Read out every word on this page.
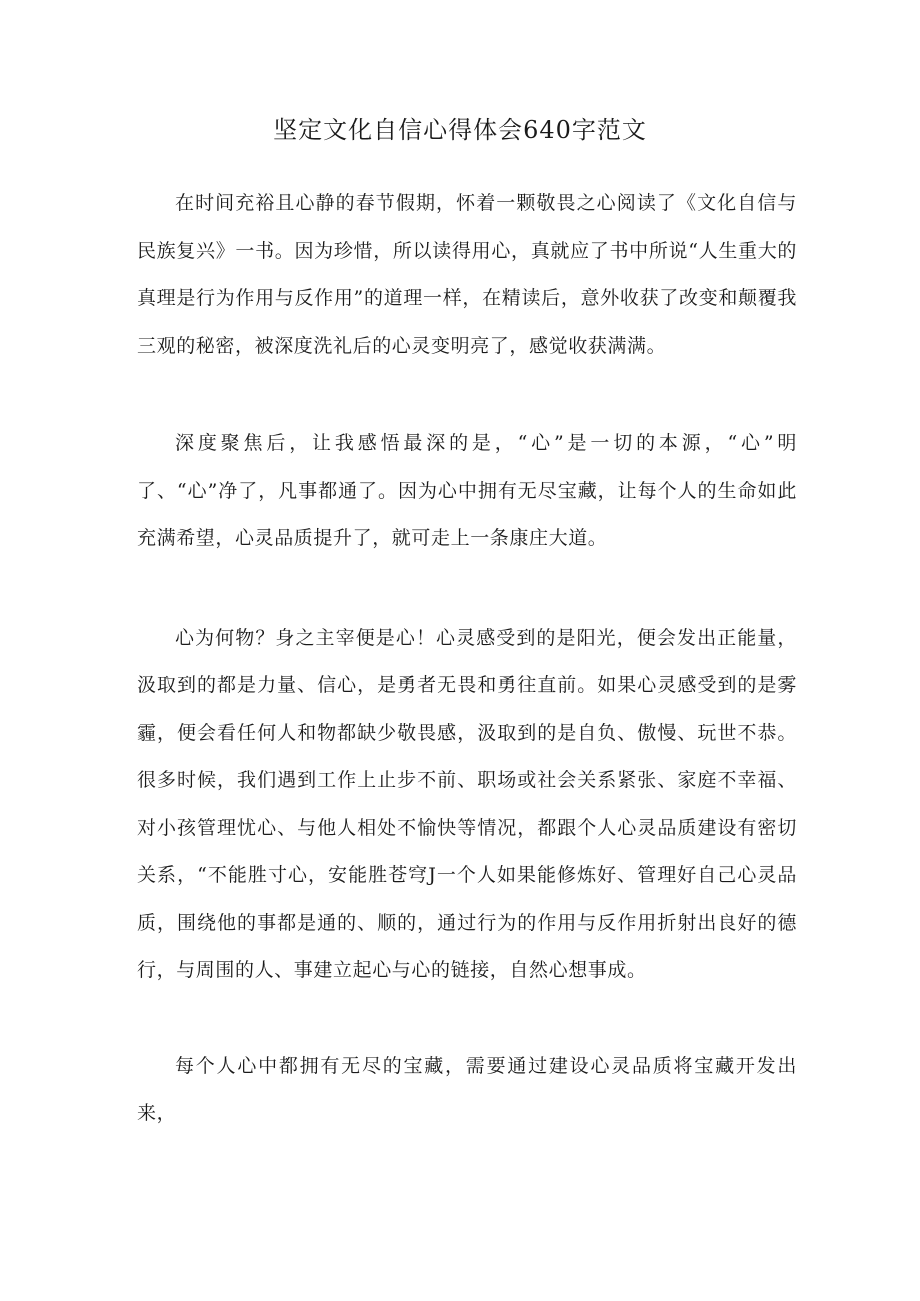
坚定文化自信心得体会640字范文

在时间充裕且心静的春节假期，怀着一颗敬畏之心阅读了《文化自信与民族复兴》一书。因为珍惜，所以读得用心，真就应了书中所说“人生重大的真理是行为作用与反作用”的道理一样，在精读后，意外收获了改变和颠覆我三观的秘密，被深度洗礼后的心灵变明亮了，感觉收获满满。

深度聚焦后，让我感悟最深的是，“心”是一切的本源，“心”明了、“心”净了，凡事都通了。因为心中拥有无尽宝藏，让每个人的生命如此充满希望，心灵品质提升了，就可走上一条康庄大道。

心为何物？身之主宰便是心！心灵感受到的是阳光，便会发出正能量，汲取到的都是力量、信心，是勇者无畏和勇往直前。如果心灵感受到的是雾霾，便会看任何人和物都缺少敬畏感，汲取到的是自负、傲慢、玩世不恭。很多时候，我们遇到工作上止步不前、职场或社会关系紧张、家庭不幸福、对小孩管理忧心、与他人相处不愉快等情况，都跟个人心灵品质建设有密切关系，“不能胜寸心，安能胜苍穹J一个人如果能修炼好、管理好自己心灵品质，围绕他的事都是通的、顺的，通过行为的作用与反作用折射出良好的德行，与周围的人、事建立起心与心的链接，自然心想事成。

每个人心中都拥有无尽的宝藏，需要通过建设心灵品质将宝藏开发出来，
